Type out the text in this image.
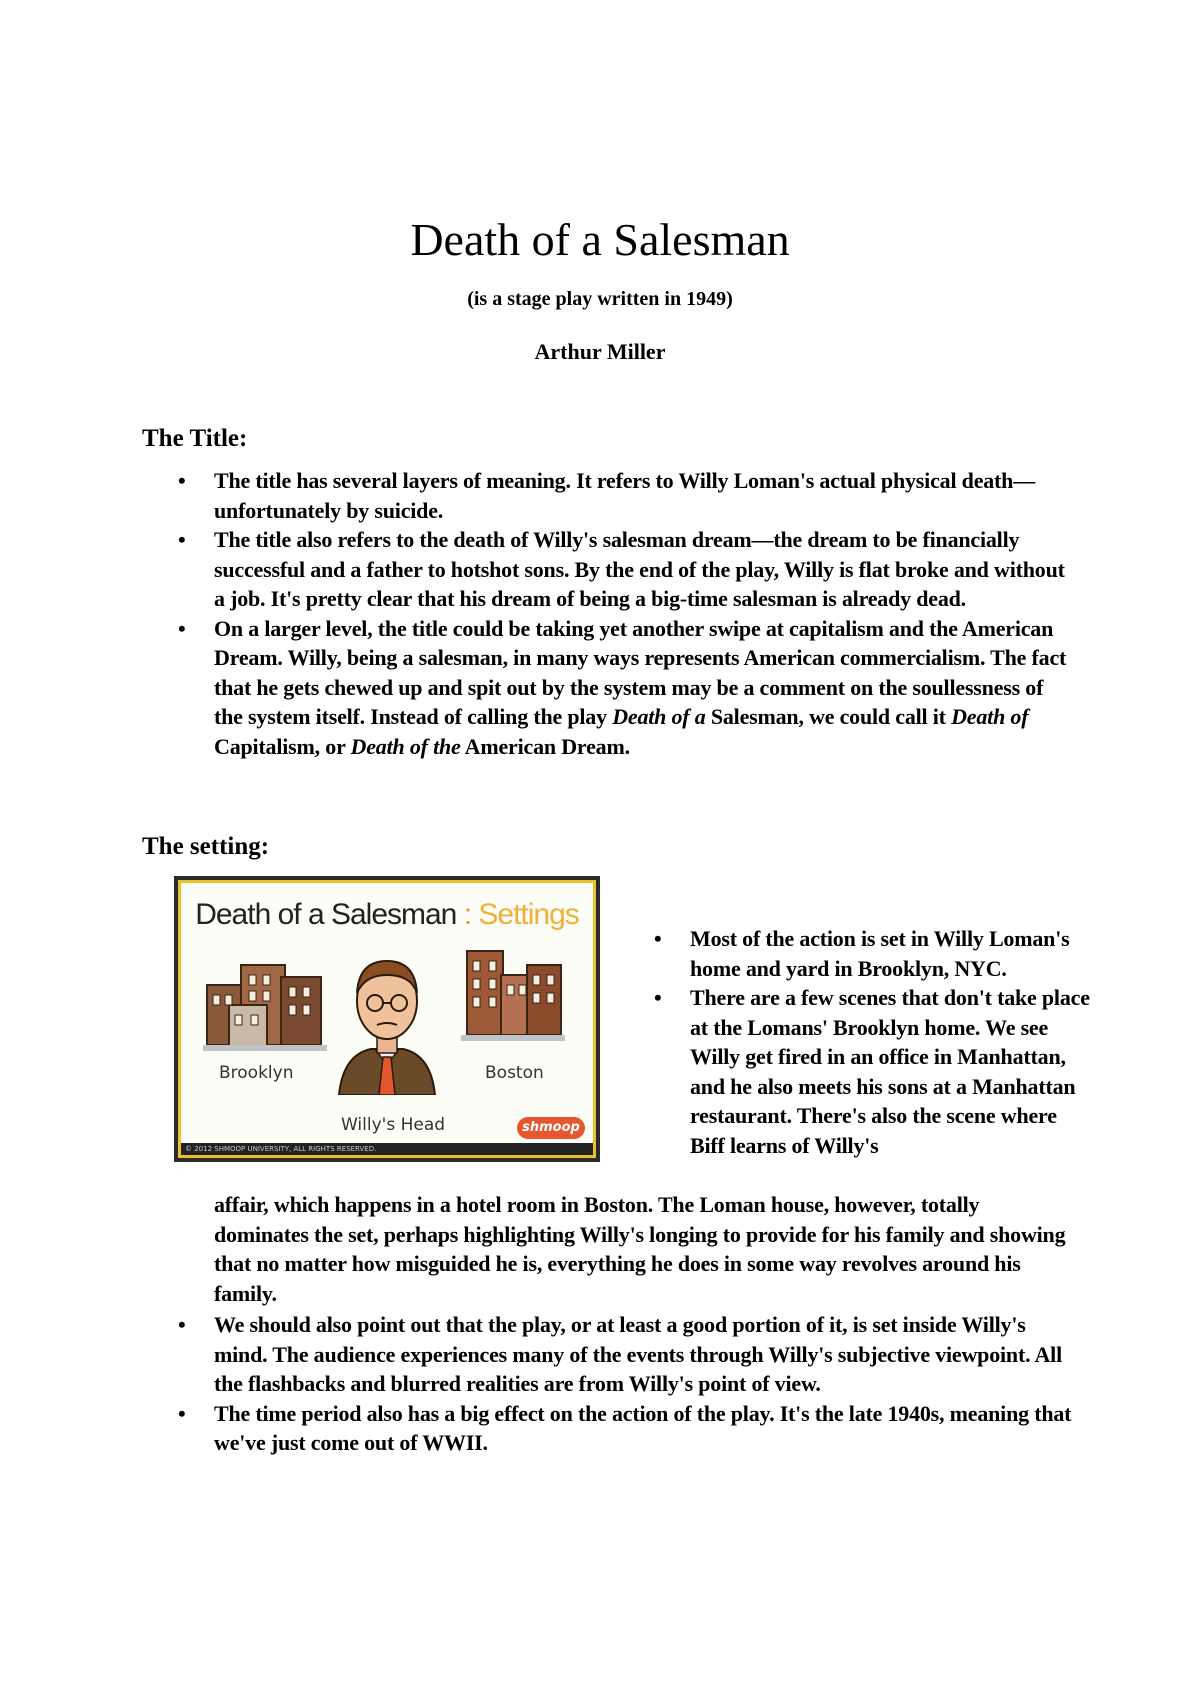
Death of a Salesman
(is a stage play written in 1949)
Arthur Miller
The Title:
• The title has several layers of meaning. It refers to Willy Loman's actual physical death—unfortunately by suicide.
• The title also refers to the death of Willy's salesman dream—the dream to be financially successful and a father to hotshot sons. By the end of the play, Willy is flat broke and without a job. It's pretty clear that his dream of being a big-time salesman is already dead.
• On a larger level, the title could be taking yet another swipe at capitalism and the American Dream. Willy, being a salesman, in many ways represents American commercialism. The fact that he gets chewed up and spit out by the system may be a comment on the soullessness of the system itself. Instead of calling the play Death of a Salesman, we could call it Death of Capitalism, or Death of the American Dream.
The setting:
Death of a Salesman : Settings
Brooklyn
Willy's Head
Boston
shmoop
© 2012 SHMOOP UNIVERSITY, ALL RIGHTS RESERVED.
• Most of the action is set in Willy Loman's home and yard in Brooklyn, NYC.
• There are a few scenes that don't take place at the Lomans' Brooklyn home. We see Willy get fired in an office in Manhattan, and he also meets his sons at a Manhattan restaurant. There's also the scene where Biff learns of Willy's
affair, which happens in a hotel room in Boston. The Loman house, however, totally dominates the set, perhaps highlighting Willy's longing to provide for his family and showing that no matter how misguided he is, everything he does in some way revolves around his family.
• We should also point out that the play, or at least a good portion of it, is set inside Willy's mind. The audience experiences many of the events through Willy's subjective viewpoint. All the flashbacks and blurred realities are from Willy's point of view.
• The time period also has a big effect on the action of the play. It's the late 1940s, meaning that we've just come out of WWII.
